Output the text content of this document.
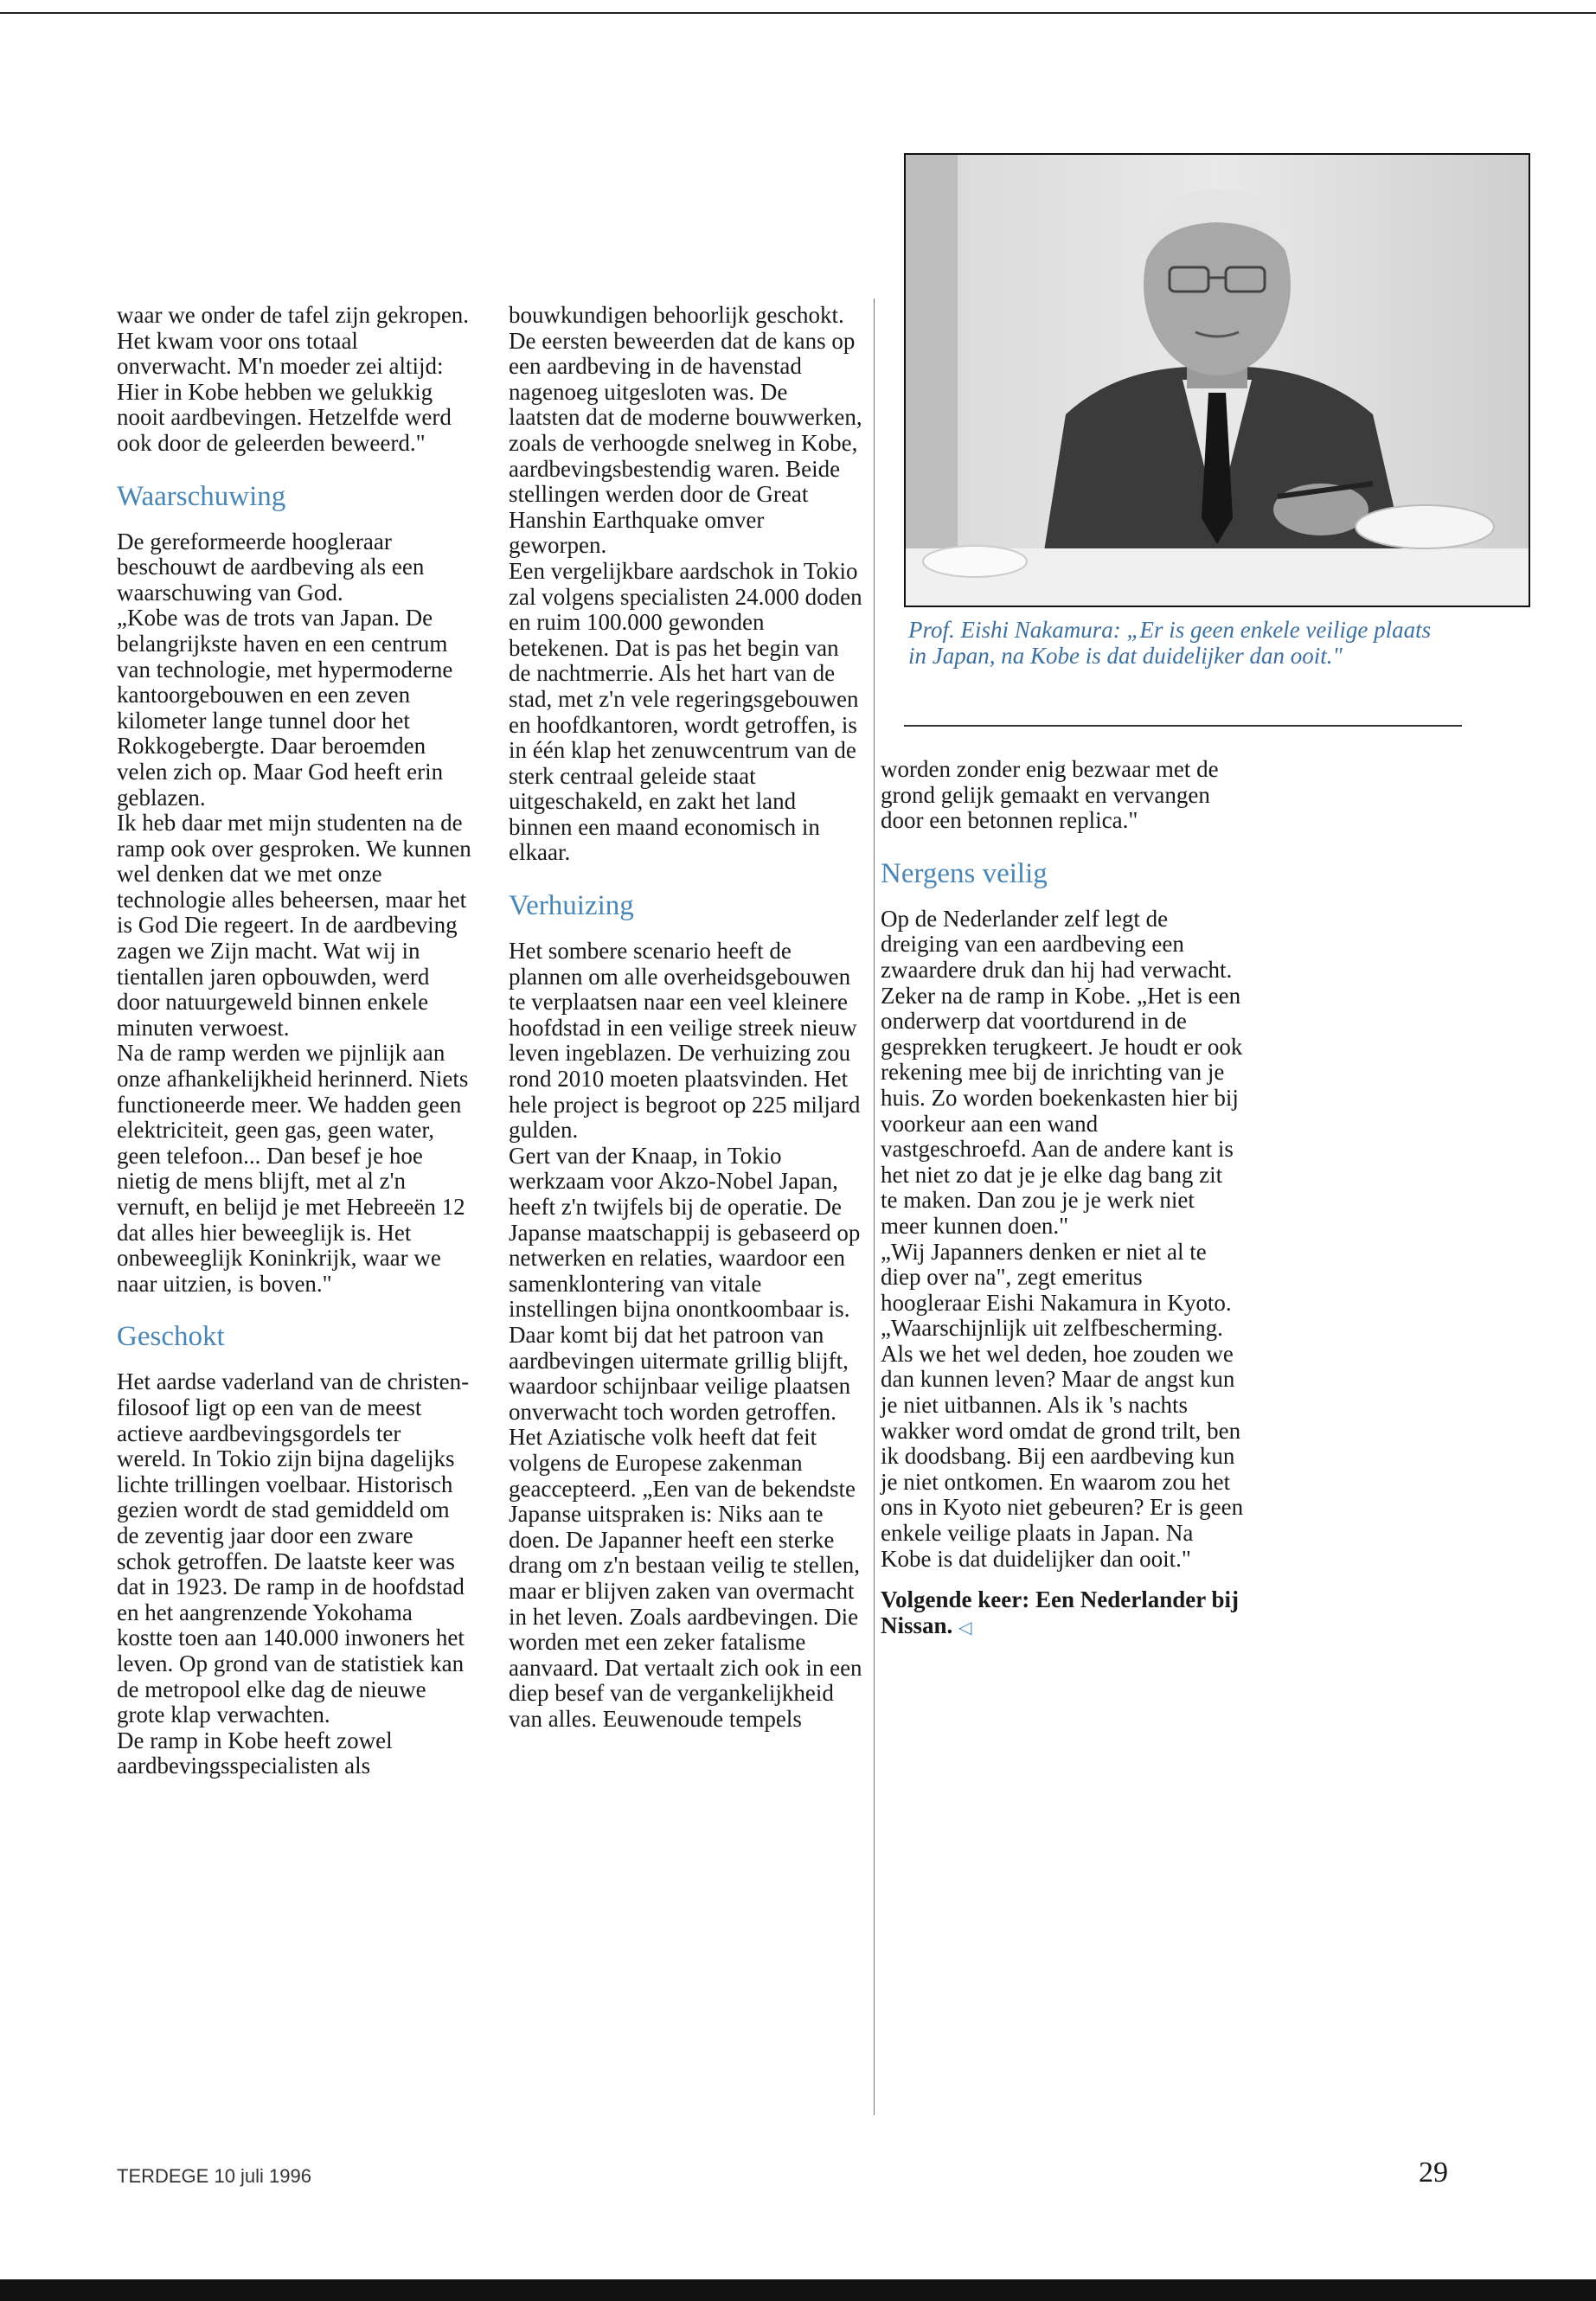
waar we onder de tafel zijn gekropen. Het kwam voor ons totaal onverwacht. M'n moeder zei altijd: Hier in Kobe hebben we gelukkig nooit aardbevingen. Hetzelfde werd ook door de geleerden beweerd."

Waarschuwing

De gereformeerde hoogleraar beschouwt de aardbeving als een waarschuwing van God.

„Kobe was de trots van Japan. De belangrijkste haven en een centrum van technologie, met hypermoderne kantoorgebouwen en een zeven kilometer lange tunnel door het Rokkogebergte. Daar beroemden velen zich op. Maar God heeft erin geblazen.

Ik heb daar met mijn studenten na de ramp ook over gesproken. We kunnen wel denken dat we met onze technologie alles beheersen, maar het is God Die regeert. In de aardbeving zagen we Zijn macht. Wat wij in tientallen jaren opbouwden, werd door natuurgeweld binnen enkele minuten verwoest.

Na de ramp werden we pijnlijk aan onze afhankelijkheid herinnerd. Niets functioneerde meer. We hadden geen elektriciteit, geen gas, geen water, geen telefoon... Dan besef je hoe nietig de mens blijft, met al z'n vernuft, en belijd je met Hebreeën 12 dat alles hier beweeglijk is. Het onbeweeglijk Koninkrijk, waar we naar uitzien, is boven."

Geschokt

Het aardse vaderland van de christen-filosoof ligt op een van de meest actieve aardbevingsgordels ter wereld. In Tokio zijn bijna dagelijks lichte trillingen voelbaar. Historisch gezien wordt de stad gemiddeld om de zeventig jaar door een zware schok getroffen. De laatste keer was dat in 1923. De ramp in de hoofdstad en het aangrenzende Yokohama kostte toen aan 140.000 inwoners het leven. Op grond van de statistiek kan de metropool elke dag de nieuwe grote klap verwachten.

De ramp in Kobe heeft zowel aardbevingsspecialisten als

bouwkundigen behoorlijk geschokt. De eersten beweerden dat de kans op een aardbeving in de havenstad nagenoeg uitgesloten was. De laatsten dat de moderne bouwwerken, zoals de verhoogde snelweg in Kobe, aardbevingsbestendig waren. Beide stellingen werden door de Great Hanshin Earthquake omver geworpen.

Een vergelijkbare aardschok in Tokio zal volgens specialisten 24.000 doden en ruim 100.000 gewonden betekenen. Dat is pas het begin van de nachtmerrie. Als het hart van de stad, met z'n vele regeringsgebouwen en hoofdkantoren, wordt getroffen, is in één klap het zenuwcentrum van de sterk centraal geleide staat uitgeschakeld, en zakt het land binnen een maand economisch in elkaar.

Verhuizing

Het sombere scenario heeft de plannen om alle overheidsgebouwen te verplaatsen naar een veel kleinere hoofdstad in een veilige streek nieuw leven ingeblazen. De verhuizing zou rond 2010 moeten plaatsvinden. Het hele project is begroot op 225 miljard gulden.

Gert van der Knaap, in Tokio werkzaam voor Akzo-Nobel Japan, heeft z'n twijfels bij de operatie. De Japanse maatschappij is gebaseerd op netwerken en relaties, waardoor een samenklontering van vitale instellingen bijna onontkoombaar is. Daar komt bij dat het patroon van aardbevingen uitermate grillig blijft, waardoor schijnbaar veilige plaatsen onverwacht toch worden getroffen.

Het Aziatische volk heeft dat feit volgens de Europese zakenman geaccepteerd. „Een van de bekendste Japanse uitspraken is: Niks aan te doen. De Japanner heeft een sterke drang om z'n bestaan veilig te stellen, maar er blijven zaken van overmacht in het leven. Zoals aardbevingen. Die worden met een zeker fatalisme aanvaard. Dat vertaalt zich ook in een diep besef van de vergankelijkheid van alles. Eeuwenoude tempels

Prof. Eishi Nakamura: „Er is geen enkele veilige plaats in Japan, na Kobe is dat duidelijker dan ooit."

worden zonder enig bezwaar met de grond gelijk gemaakt en vervangen door een betonnen replica."

Nergens veilig

Op de Nederlander zelf legt de dreiging van een aardbeving een zwaardere druk dan hij had verwacht. Zeker na de ramp in Kobe. „Het is een onderwerp dat voortdurend in de gesprekken terugkeert. Je houdt er ook rekening mee bij de inrichting van je huis. Zo worden boekenkasten hier bij voorkeur aan een wand vastgeschroefd. Aan de andere kant is het niet zo dat je je elke dag bang zit te maken. Dan zou je je werk niet meer kunnen doen."

„Wij Japanners denken er niet al te diep over na", zegt emeritus hoogleraar Eishi Nakamura in Kyoto. „Waarschijnlijk uit zelfbescherming. Als we het wel deden, hoe zouden we dan kunnen leven? Maar de angst kun je niet uitbannen. Als ik 's nachts wakker word omdat de grond trilt, ben ik doodsbang. Bij een aardbeving kun je niet ontkomen. En waarom zou het ons in Kyoto niet gebeuren? Er is geen enkele veilige plaats in Japan. Na Kobe is dat duidelijker dan ooit."

Volgende keer: Een Nederlander bij Nissan. ◁

TERDEGE 10 juli 1996	29
